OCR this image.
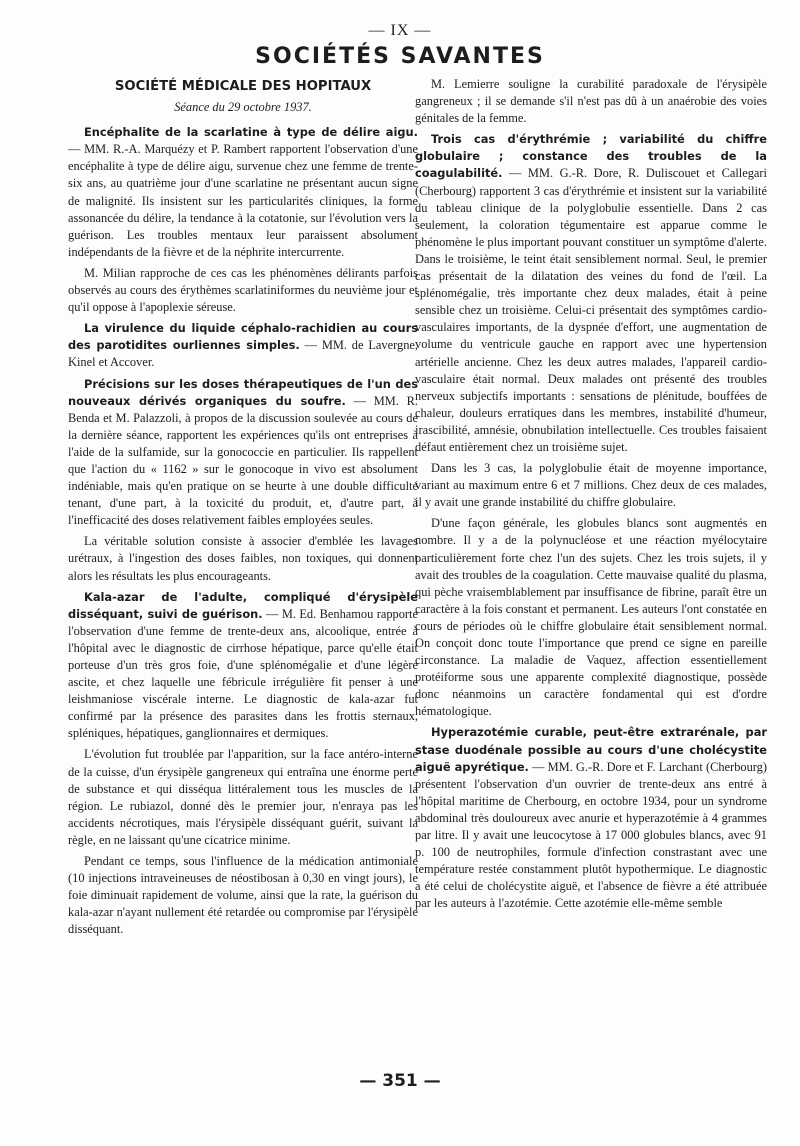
— IX —
SOCIÉTÉS SAVANTES

SOCIÉTÉ MÉDICALE DES HOPITAUX

Séance du 29 octobre 1937.

Encéphalite de la scarlatine à type de délire aigu. — MM. R.-A. Marquézy et P. Rambert rapportent l'observation d'une encéphalite à type de délire aigu, survenue chez une femme de trente-six ans, au quatrième jour d'une scarlatine ne présentant aucun signe de malignité. Ils insistent sur les particularités cliniques, la forme assonancée du délire, la tendance à la cotatonie, sur l'évolution vers la guérison. Les troubles mentaux leur paraissent absolument indépendants de la fièvre et de la néphrite intercurrente.

M. Milian rapproche de ces cas les phénomènes délirants parfois observés au cours des érythèmes scarlatiniformes du neuvième jour et qu'il oppose à l'apoplexie séreuse.

La virulence du liquide céphalo-rachidien au cours des parotidites ourliennes simples. — MM. de Lavergne, Kinel et Accover.

Précisions sur les doses thérapeutiques de l'un des nouveaux dérivés organiques du soufre. — MM. R. Benda et M. Palazzoli, à propos de la discussion soulevée au cours de la dernière séance, rapportent les expériences qu'ils ont entreprises à l'aide de la sulfamide, sur la gonococcie en particulier. Ils rappellent que l'action du « 1162 » sur le gonocoque in vivo est absolument indéniable, mais qu'en pratique on se heurte à une double difficulté tenant, d'une part, à la toxicité du produit, et, d'autre part, à l'inefficacité des doses relativement faibles employées seules.

La véritable solution consiste à associer d'emblée les lavages urétraux, à l'ingestion des doses faibles, non toxiques, qui donnent alors les résultats les plus encourageants.

Kala-azar de l'adulte, compliqué d'érysipèle disséquant, suivi de guérison. — M. Ed. Benhamou rapporte l'observation d'une femme de trente-deux ans, alcoolique, entrée à l'hôpital avec le diagnostic de cirrhose hépatique, parce qu'elle était porteuse d'un très gros foie, d'une splénomégalie et d'une légère ascite, et chez laquelle une fébricule irrégulière fit penser à une leishmaniose viscérale interne. Le diagnostic de kala-azar fut confirmé par la présence des parasites dans les frottis sternaux, spléniques, hépatiques, ganglionnaires et dermiques.

L'évolution fut troublée par l'apparition, sur la face antéro-interne de la cuisse, d'un érysipèle gangreneux qui entraîna une énorme perte de substance et qui disséqua littéralement tous les muscles de la région. Le rubiazol, donné dès le premier jour, n'enraya pas les accidents nécrotiques, mais l'érysipèle disséquant guérit, suivant la règle, en ne laissant qu'une cicatrice minime.

Pendant ce temps, sous l'influence de la médication antimoniale (10 injections intraveineuses de néostibosan à 0,30 en vingt jours), le foie diminuait rapidement de volume, ainsi que la rate, la guérison du kala-azar n'ayant nullement été retardée ou compromise par l'érysipèle disséquant.

M. Lemierre souligne la curabilité paradoxale de l'érysipèle gangreneux ; il se demande s'il n'est pas dû à un anaérobie des voies génitales de la femme.

Trois cas d'érythrémie ; variabilité du chiffre globulaire ; constance des troubles de la coagulabilité. — MM. G.-R. Dore, R. Duliscouet et Callegari (Cherbourg) rapportent 3 cas d'érythrémie et insistent sur la variabilité du tableau clinique de la polyglobulie essentielle. Dans 2 cas seulement, la coloration tégumentaire est apparue comme le phénomène le plus important pouvant constituer un symptôme d'alerte. Dans le troisième, le teint était sensiblement normal. Seul, le premier cas présentait de la dilatation des veines du fond de l'œil. La splénomégalie, très importante chez deux malades, était à peine sensible chez un troisième. Celui-ci présentait des symptômes cardio-vasculaires importants, de la dyspnée d'effort, une augmentation de volume du ventricule gauche en rapport avec une hypertension artérielle ancienne. Chez les deux autres malades, l'appareil cardio-vasculaire était normal. Deux malades ont présenté des troubles nerveux subjectifs importants : sensations de plénitude, bouffées de chaleur, douleurs erratiques dans les membres, instabilité d'humeur, irascibilité, amnésie, obnubilation intellectuelle. Ces troubles faisaient défaut entièrement chez un troisième sujet.

Dans les 3 cas, la polyglobulie était de moyenne importance, variant au maximum entre 6 et 7 millions. Chez deux de ces malades, il y avait une grande instabilité du chiffre globulaire.

D'une façon générale, les globules blancs sont augmentés en nombre. Il y a de la polynucléose et une réaction myélocytaire particulièrement forte chez l'un des sujets. Chez les trois sujets, il y avait des troubles de la coagulation. Cette mauvaise qualité du plasma, qui pèche vraisemblablement par insuffisance de fibrine, paraît être un caractère à la fois constant et permanent. Les auteurs l'ont constatée en cours de périodes où le chiffre globulaire était sensiblement normal. On conçoit donc toute l'importance que prend ce signe en pareille circonstance. La maladie de Vaquez, affection essentiellement protéiforme sous une apparente complexité diagnostique, possède donc néanmoins un caractère fondamental qui est d'ordre hématologique.

Hyperazotémie curable, peut-être extrarénale, par stase duodénale possible au cours d'une cholécystite aiguë apyrétique. — MM. G.-R. Dore et F. Larchant (Cherbourg) présentent l'observation d'un ouvrier de trente-deux ans entré à l'hôpital maritime de Cherbourg, en octobre 1934, pour un syndrome abdominal très douloureux avec anurie et hyperazotémie à 4 grammes par litre. Il y avait une leucocytose à 17 000 globules blancs, avec 91 p. 100 de neutrophiles, formule d'infection constrastant avec une température restée constamment plutôt hypothermique. Le diagnostic a été celui de cholécystite aiguë, et l'absence de fièvre a été attribuée par les auteurs à l'azotémie. Cette azotémie elle-même semble

— 351 —
